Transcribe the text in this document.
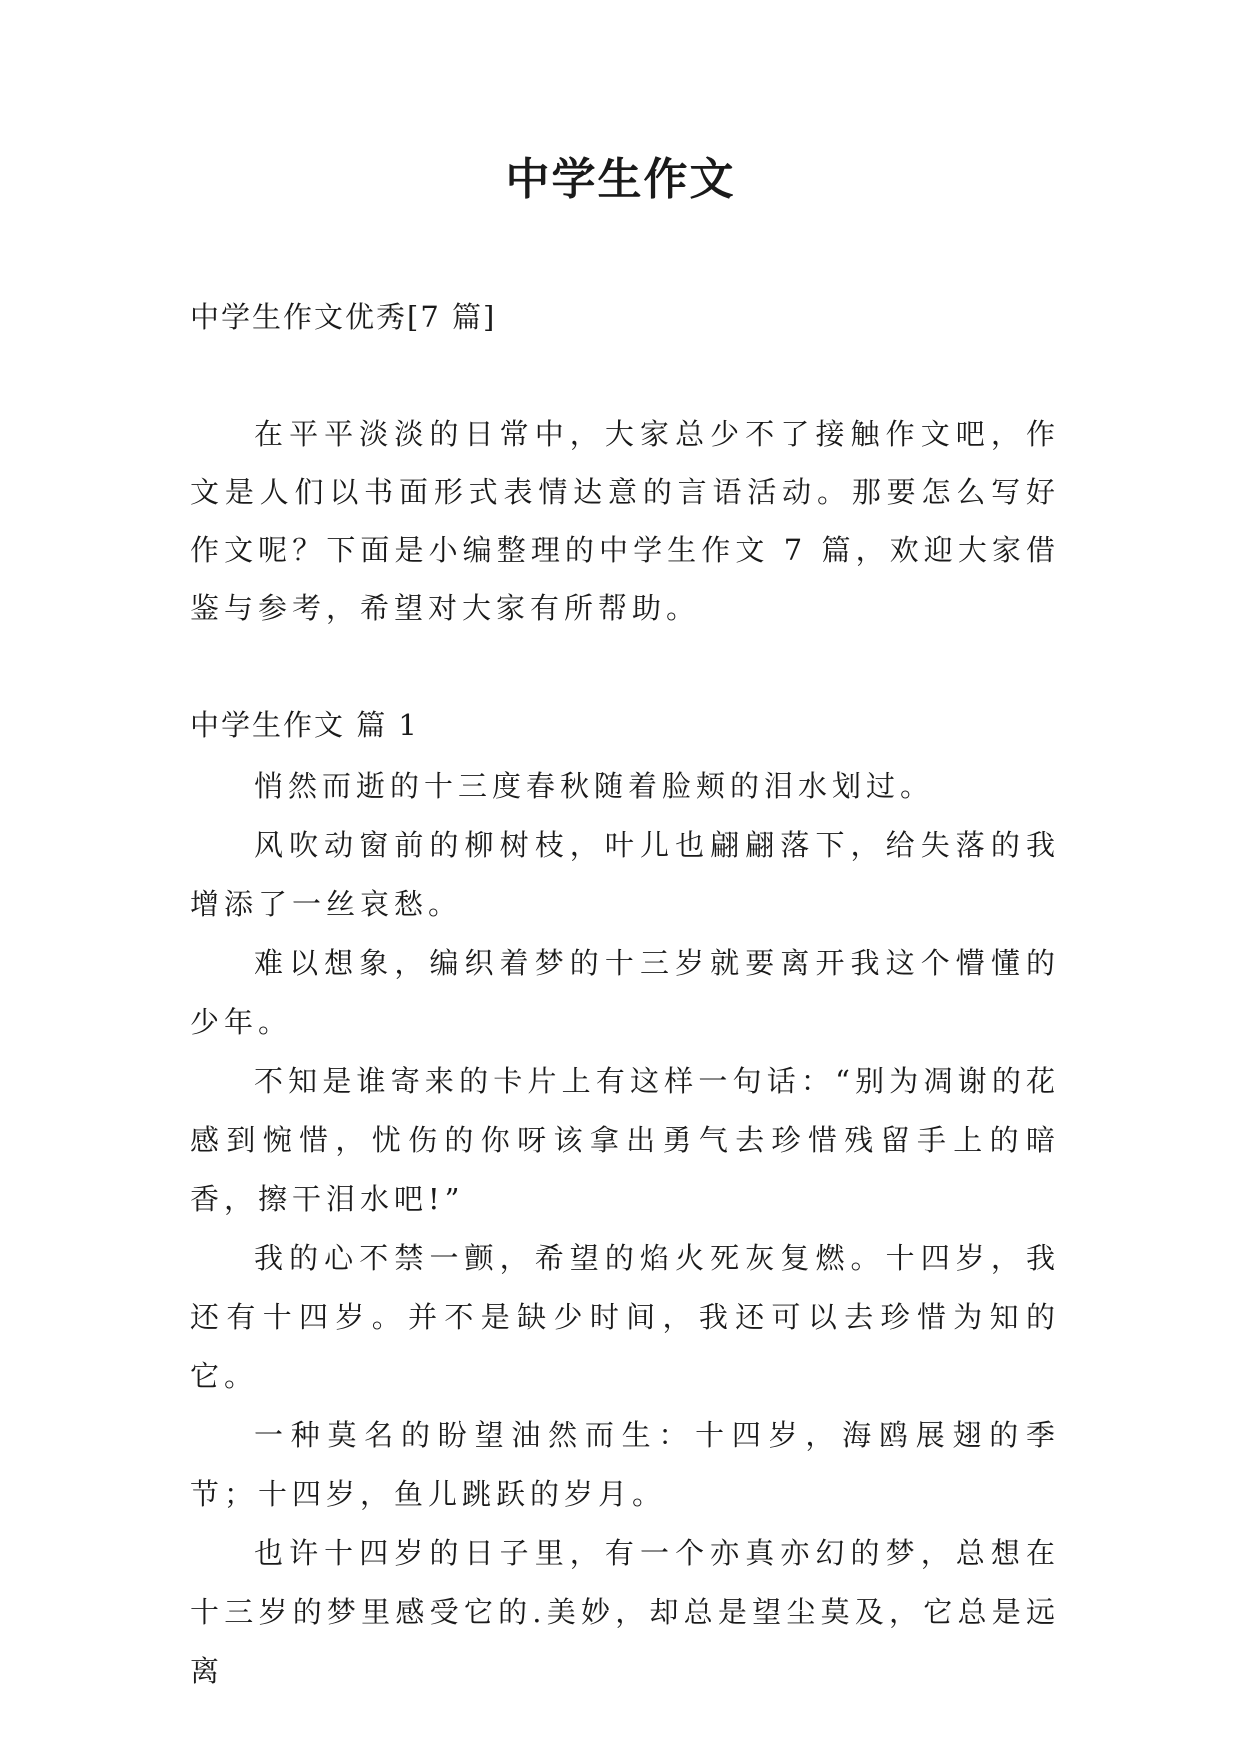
中学生作文
中学生作文优秀[7 篇]

在平平淡淡的日常中，大家总少不了接触作文吧，作文是人们以书面形式表情达意的言语活动。那要怎么写好作文呢？下面是小编整理的中学生作文 7 篇，欢迎大家借鉴与参考，希望对大家有所帮助。

中学生作文 篇 1

悄然而逝的十三度春秋随着脸颊的泪水划过。

风吹动窗前的柳树枝，叶儿也翩翩落下，给失落的我增添了一丝哀愁。

难以想象，编织着梦的十三岁就要离开我这个懵懂的少年。

不知是谁寄来的卡片上有这样一句话：“别为凋谢的花感到惋惜，忧伤的你呀该拿出勇气去珍惜残留手上的暗香，擦干泪水吧!”

我的心不禁一颤，希望的焰火死灰复燃。十四岁，我还有十四岁。并不是缺少时间，我还可以去珍惜为知的它。

一种莫名的盼望油然而生：十四岁，海鸥展翅的季节；十四岁，鱼儿跳跃的岁月。

也许十四岁的日子里，有一个亦真亦幻的梦，总想在十三岁的梦里感受它的.美妙，却总是望尘莫及，它总是远离
